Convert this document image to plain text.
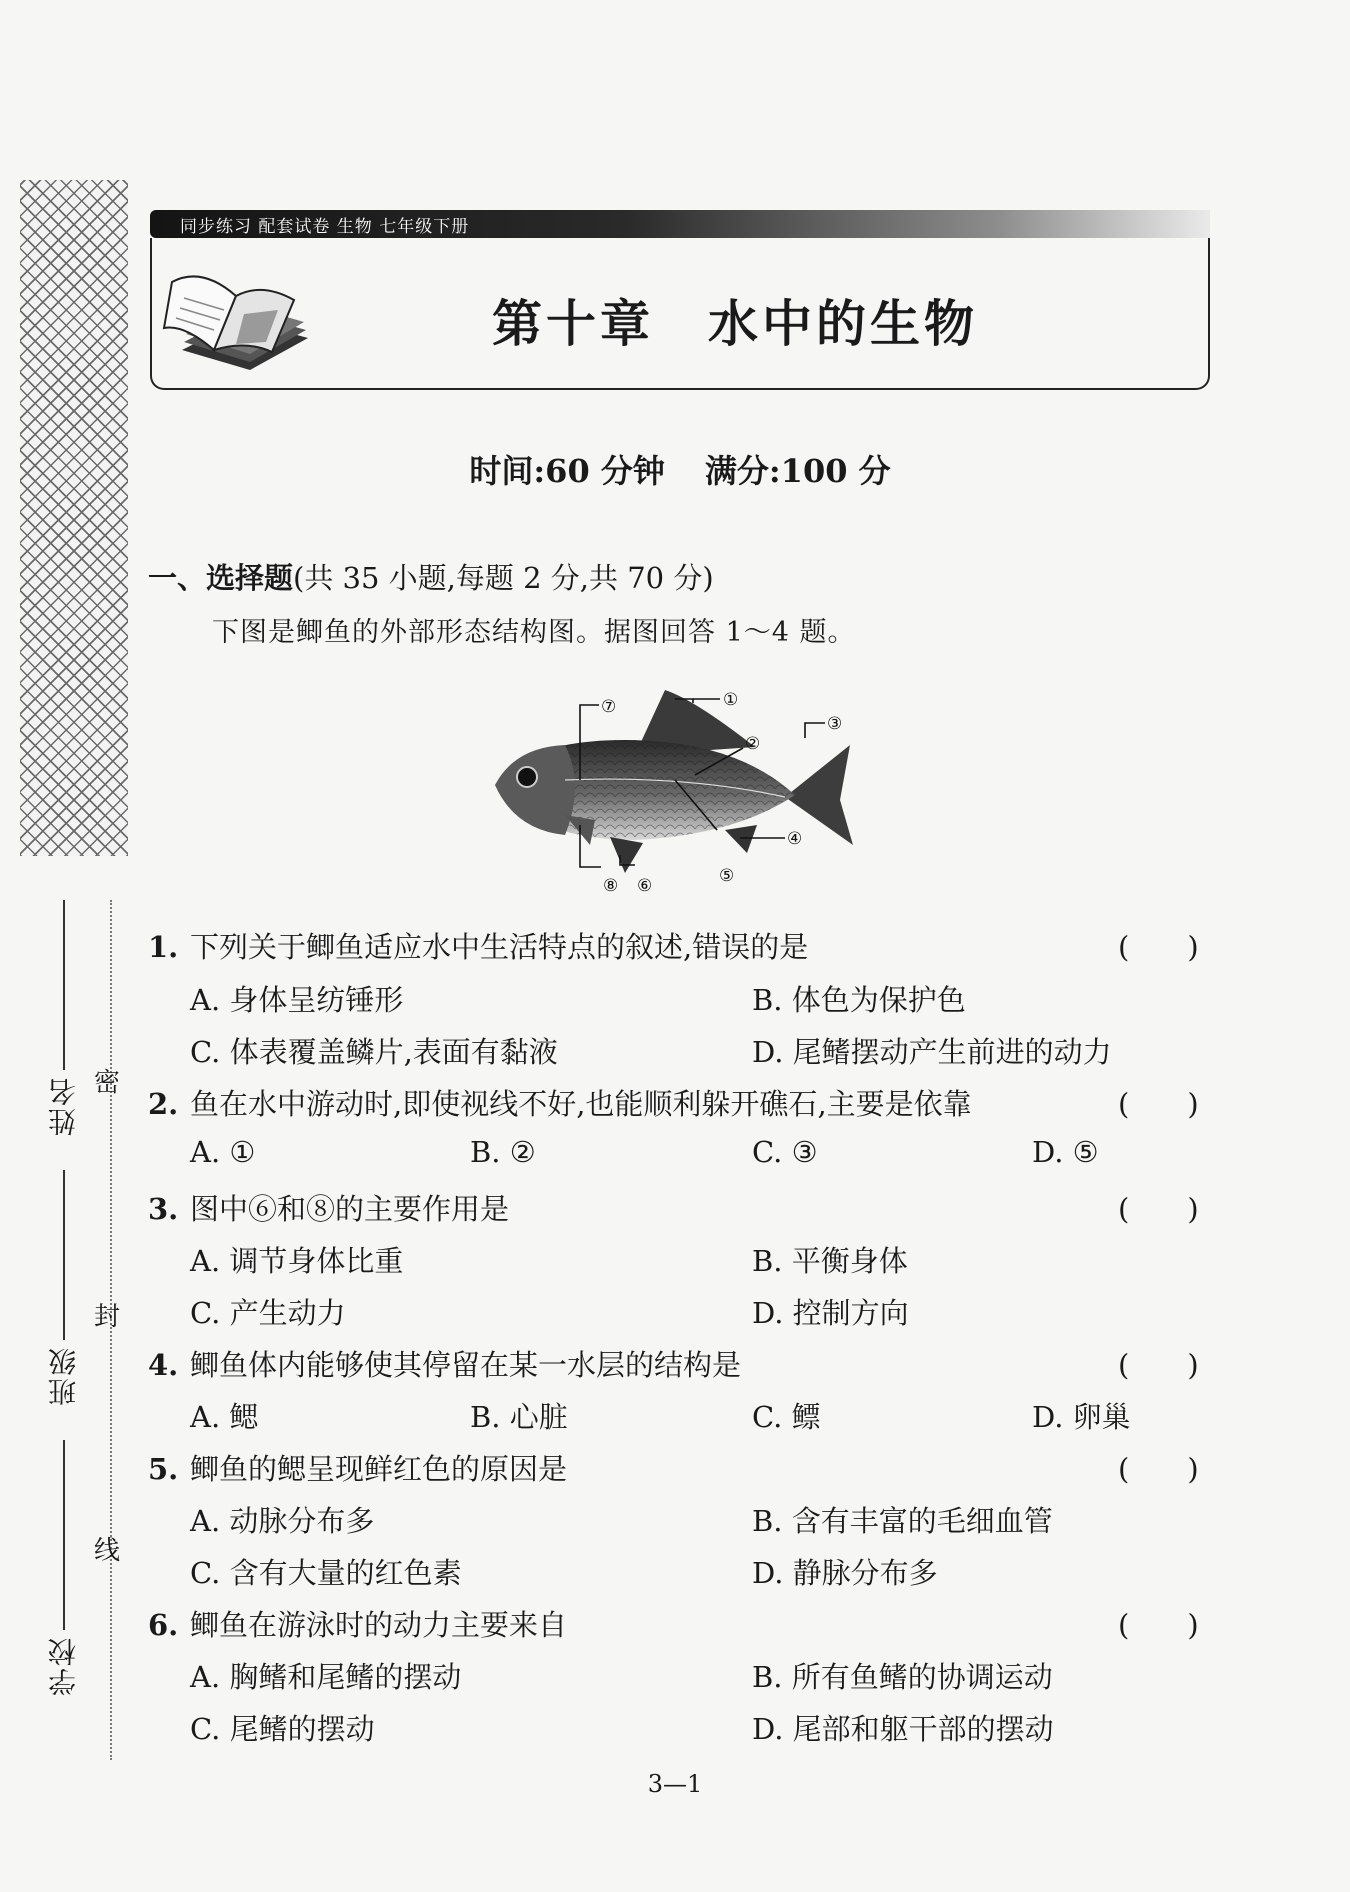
密
封
线
姓名
班级
学校
同步练习 配套试卷 生物 七年级下册
第十章　水中的生物
时间:60 分钟 满分:100 分
一、选择题(共 35 小题,每题 2 分,共 70 分)
下图是鲫鱼的外部形态结构图。据图回答 1～4 题。
①
②
③
④
⑤
⑥
⑦
⑧
1. 下列关于鲫鱼适应水中生活特点的叙述,错误的是	(　　)
A. 身体呈纺锤形	B. 体色为保护色
C. 体表覆盖鳞片,表面有黏液	D. 尾鳍摆动产生前进的动力
2. 鱼在水中游动时,即使视线不好,也能顺利躲开礁石,主要是依靠	(　　)
A. ①	B. ②	C. ③	D. ⑤
3. 图中⑥和⑧的主要作用是	(　　)
A. 调节身体比重	B. 平衡身体
C. 产生动力	D. 控制方向
4. 鲫鱼体内能够使其停留在某一水层的结构是	(　　)
A. 鳃	B. 心脏	C. 鳔	D. 卵巢
5. 鲫鱼的鳃呈现鲜红色的原因是	(　　)
A. 动脉分布多	B. 含有丰富的毛细血管
C. 含有大量的红色素	D. 静脉分布多
6. 鲫鱼在游泳时的动力主要来自	(　　)
A. 胸鳍和尾鳍的摆动	B. 所有鱼鳍的协调运动
C. 尾鳍的摆动	D. 尾部和躯干部的摆动
3—1
